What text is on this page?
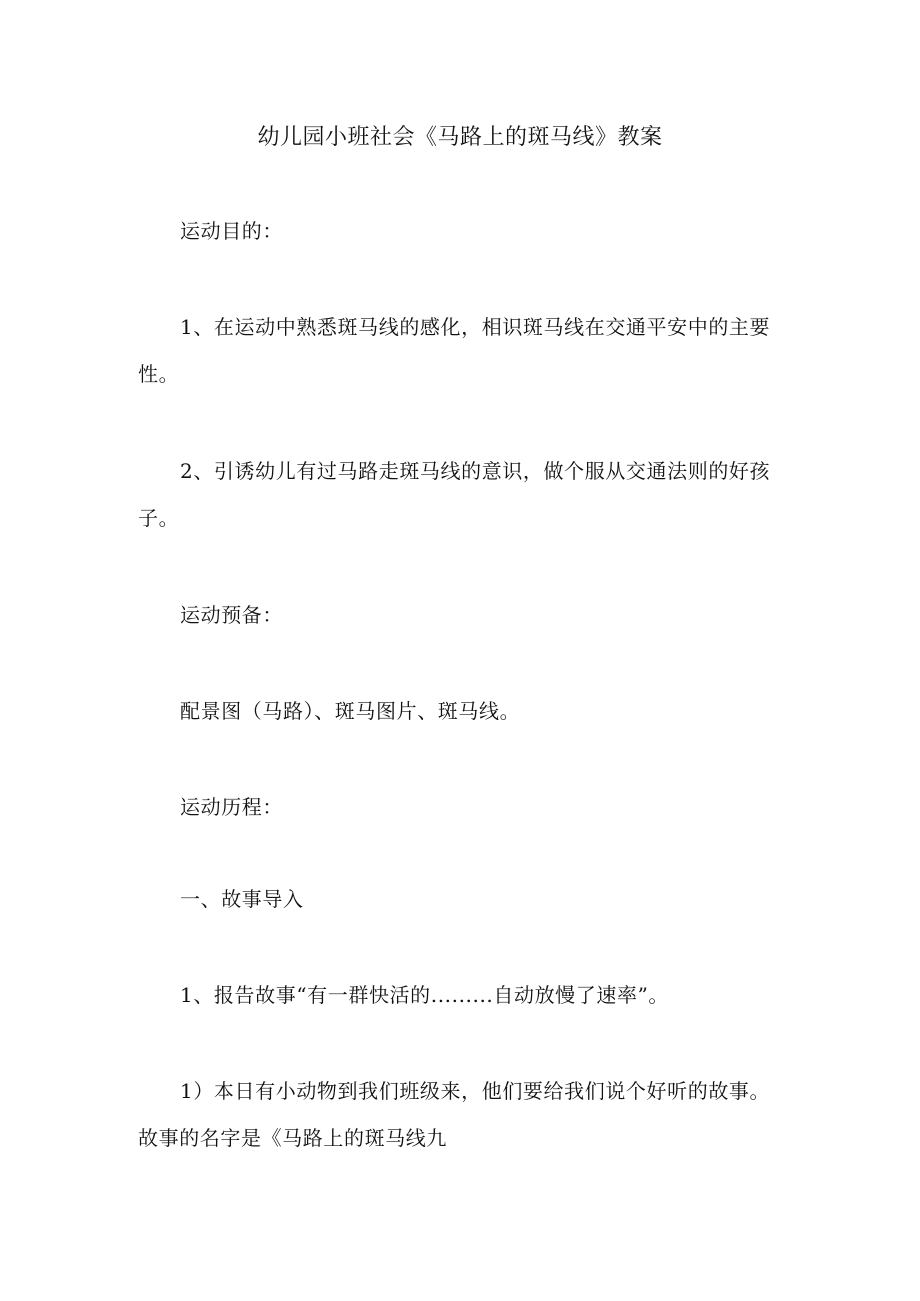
幼儿园小班社会《马路上的斑马线》教案
运动目的：
1、在运动中熟悉斑马线的感化，相识斑马线在交通平安中的主要
性。
2、引诱幼儿有过马路走斑马线的意识，做个服从交通法则的好孩
子。
运动预备：
配景图（马路）、斑马图片、斑马线。
运动历程：
一、故事导入
1、报告故事“有一群快活的.........自动放慢了速率”。
1）本日有小动物到我们班级来，他们要给我们说个好听的故事。
故事的名字是《马路上的斑马线九
